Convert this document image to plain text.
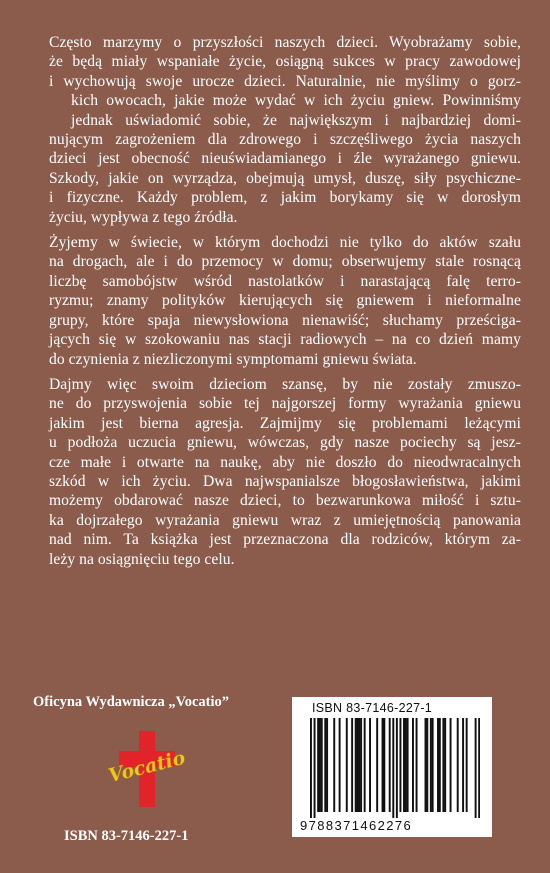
Często marzymy o przyszłości naszych dzieci. Wyobrażamy sobie,
że będą miały wspaniałe życie, osiągną sukces w pracy zawodowej
i wychowują swoje urocze dzieci. Naturalnie, nie myślimy o gorz-
kich owocach, jakie może wydać w ich życiu gniew. Powinniśmy
jednak uświadomić sobie, że największym i najbardziej domi-
nującym zagrożeniem dla zdrowego i szczęśliwego życia naszych
dzieci jest obecność nieuświadamianego i źle wyrażanego gniewu.
Szkody, jakie on wyrządza, obejmują umysł, duszę, siły psychiczne-
i fizyczne. Każdy problem, z jakim borykamy się w dorosłym
życiu, wypływa z tego źródła.

Żyjemy w świecie, w którym dochodzi nie tylko do aktów szału
na drogach, ale i do przemocy w domu; obserwujemy stale rosnącą
liczbę samobójstw wśród nastolatków i narastającą falę terro-
ryzmu; znamy polityków kierujących się gniewem i nieformalne
grupy, które spaja niewysłowiona nienawiść; słuchamy prześciga-
jących się w szokowaniu nas stacji radiowych – na co dzień mamy
do czynienia z niezliczonymi symptomami gniewu świata.

Dajmy więc swoim dzieciom szansę, by nie zostały zmuszo-
ne do przyswojenia sobie tej najgorszej formy wyrażania gniewu
jakim jest bierna agresja. Zajmijmy się problemami leżącymi
u podłoża uczucia gniewu, wówczas, gdy nasze pociechy są jesz-
cze małe i otwarte na naukę, aby nie doszło do nieodwracalnych
szkód w ich życiu. Dwa najwspanialsze błogosławieństwa, jakimi
możemy obdarować nasze dzieci, to bezwarunkowa miłość i sztu-
ka dojrzałego wyrażania gniewu wraz z umiejętnością panowania
nad nim. Ta książka jest przeznaczona dla rodziców, którym za-
leży na osiągnięciu tego celu.

Oficyna Wydawnicza „Vocatio”
Vocatio
ISBN 83-7146-227-1
ISBN 83-7146-227-1
9788371462276
